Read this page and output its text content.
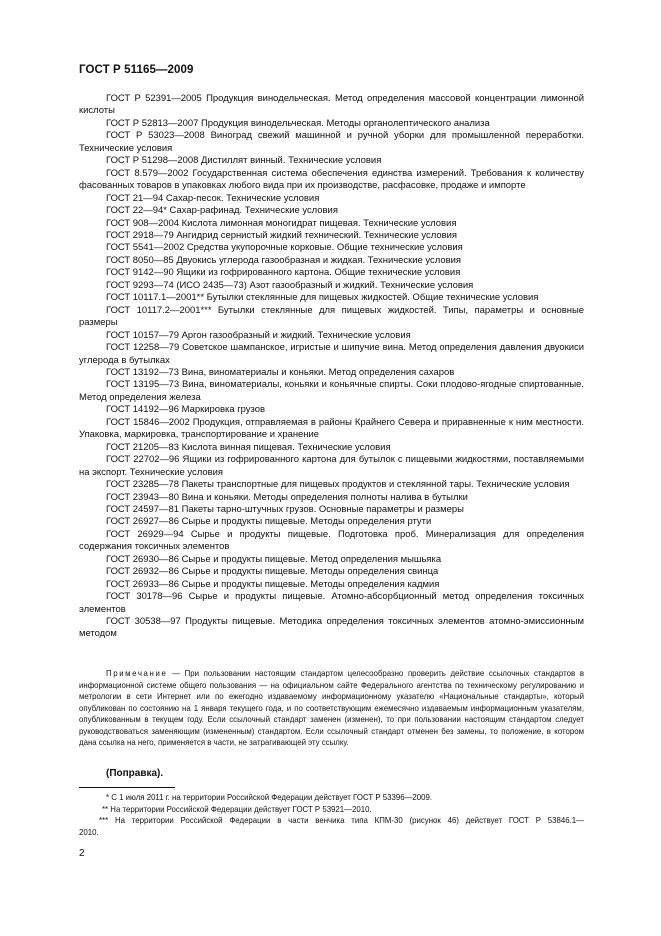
ГОСТ Р 51165—2009

ГОСТ Р 52391—2005 Продукция винодельческая. Метод определения массовой концентрации лимонной кислоты

ГОСТ Р 52813—2007 Продукция винодельческая. Методы органолептического анализа

ГОСТ Р 53023—2008 Виноград свежий машинной и ручной уборки для промышленной переработки. Технические условия

ГОСТ Р 51298—2008 Дистиллят винный. Технические условия

ГОСТ 8.579—2002 Государственная система обеспечения единства измерений. Требования к количеству фасованных товаров в упаковках любого вида при их производстве, расфасовке, продаже и импорте

ГОСТ 21—94 Сахар-песок. Технические условия

ГОСТ 22—94* Сахар-рафинад. Технические условия

ГОСТ 908—2004 Кислота лимонная моногидрат пищевая. Технические условия

ГОСТ 2918—79 Ангидрид сернистый жидкий технический. Технические условия

ГОСТ 5541—2002 Средства укупорочные корковые. Общие технические условия

ГОСТ 8050—85 Двуокись углерода газообразная и жидкая. Технические условия

ГОСТ 9142—90 Ящики из гофрированного картона. Общие технические условия

ГОСТ 9293—74 (ИСО 2435—73) Азот газообразный и жидкий. Технические условия

ГОСТ 10117.1—2001** Бутылки стеклянные для пищевых жидкостей. Общие технические условия

ГОСТ 10117.2—2001*** Бутылки стеклянные для пищевых жидкостей. Типы, параметры и основные размеры

ГОСТ 10157—79 Аргон газообразный и жидкий. Технические условия

ГОСТ 12258—79 Советское шампанское, игристые и шипучие вина. Метод определения давления двуокиси углерода в бутылках

ГОСТ 13192—73 Вина, виноматериалы и коньяки. Метод определения сахаров

ГОСТ 13195—73 Вина, виноматериалы, коньяки и коньячные спирты. Соки плодово-ягодные спиртованные. Метод определения железа

ГОСТ 14192—96 Маркировка грузов

ГОСТ 15846—2002 Продукция, отправляемая в районы Крайнего Севера и приравненные к ним местности. Упаковка, маркировка, транспортирование и хранение

ГОСТ 21205—83 Кислота винная пищевая. Технические условия

ГОСТ 22702—96 Ящики из гофрированного картона для бутылок с пищевыми жидкостями, поставляемыми на экспорт. Технические условия

ГОСТ 23285—78 Пакеты транспортные для пищевых продуктов и стеклянной тары. Технические условия

ГОСТ 23943—80 Вина и коньяки. Методы определения полноты налива в бутылки

ГОСТ 24597—81 Пакеты тарно-штучных грузов. Основные параметры и размеры

ГОСТ 26927—86 Сырье и продукты пищевые. Методы определения ртути

ГОСТ 26929—94 Сырье и продукты пищевые. Подготовка проб. Минерализация для определения содержания токсичных элементов

ГОСТ 26930—86 Сырье и продукты пищевые. Метод определения мышьяка

ГОСТ 26932—86 Сырье и продукты пищевые. Методы определения свинца

ГОСТ 26933—86 Сырье и продукты пищевые. Методы определения кадмия

ГОСТ 30178—96 Сырье и продукты пищевые. Атомно-абсорбционный метод определения токсичных элементов

ГОСТ 30538—97 Продукты пищевые. Методика определения токсичных элементов атомно-эмиссионным методом

Примечание — При пользовании настоящим стандартом целесообразно проверить действие ссылочных стандартов в информационной системе общего пользования — на официальном сайте Федерального агентства по техническому регулированию и метрологии в сети Интернет или по ежегодно издаваемому информационному указателю «Национальные стандарты», который опубликован по состоянию на 1 января текущего года, и по соответствующим ежемесячно издаваемым информационным указателям, опубликованным в текущем году. Если ссылочный стандарт заменен (изменен), то при пользовании настоящим стандартом следует руководствоваться заменяющим (измененным) стандартом. Если ссылочный стандарт отменен без замены, то положение, в котором дана ссылка на него, применяется в части, не затрагивающей эту ссылку.

(Поправка).

* С 1 июля 2011 г. на территории Российской Федерации действует ГОСТ Р 53396—2009.

** На территории Российской Федерации действует ГОСТ Р 53921—2010.

*** На территории Российской Федерации в части венчика типа КПМ-30 (рисунок 46) действует ГОСТ Р 53846.1—2010.

2
